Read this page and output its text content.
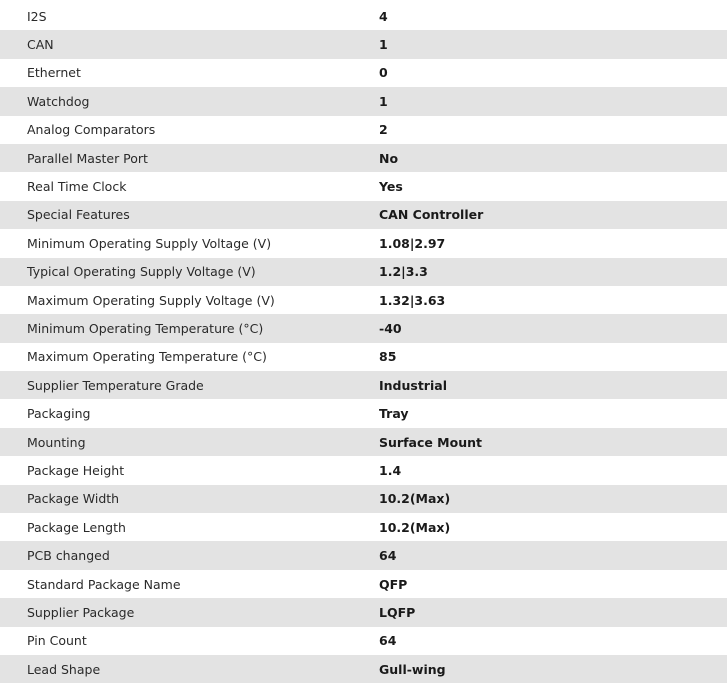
I2S	4
CAN	1
Ethernet	0
Watchdog	1
Analog Comparators	2
Parallel Master Port	No
Real Time Clock	Yes
Special Features	CAN Controller
Minimum Operating Supply Voltage (V)	1.08|2.97
Typical Operating Supply Voltage (V)	1.2|3.3
Maximum Operating Supply Voltage (V)	1.32|3.63
Minimum Operating Temperature (°C)	-40
Maximum Operating Temperature (°C)	85
Supplier Temperature Grade	Industrial
Packaging	Tray
Mounting	Surface Mount
Package Height	1.4
Package Width	10.2(Max)
Package Length	10.2(Max)
PCB changed	64
Standard Package Name	QFP
Supplier Package	LQFP
Pin Count	64
Lead Shape	Gull-wing
